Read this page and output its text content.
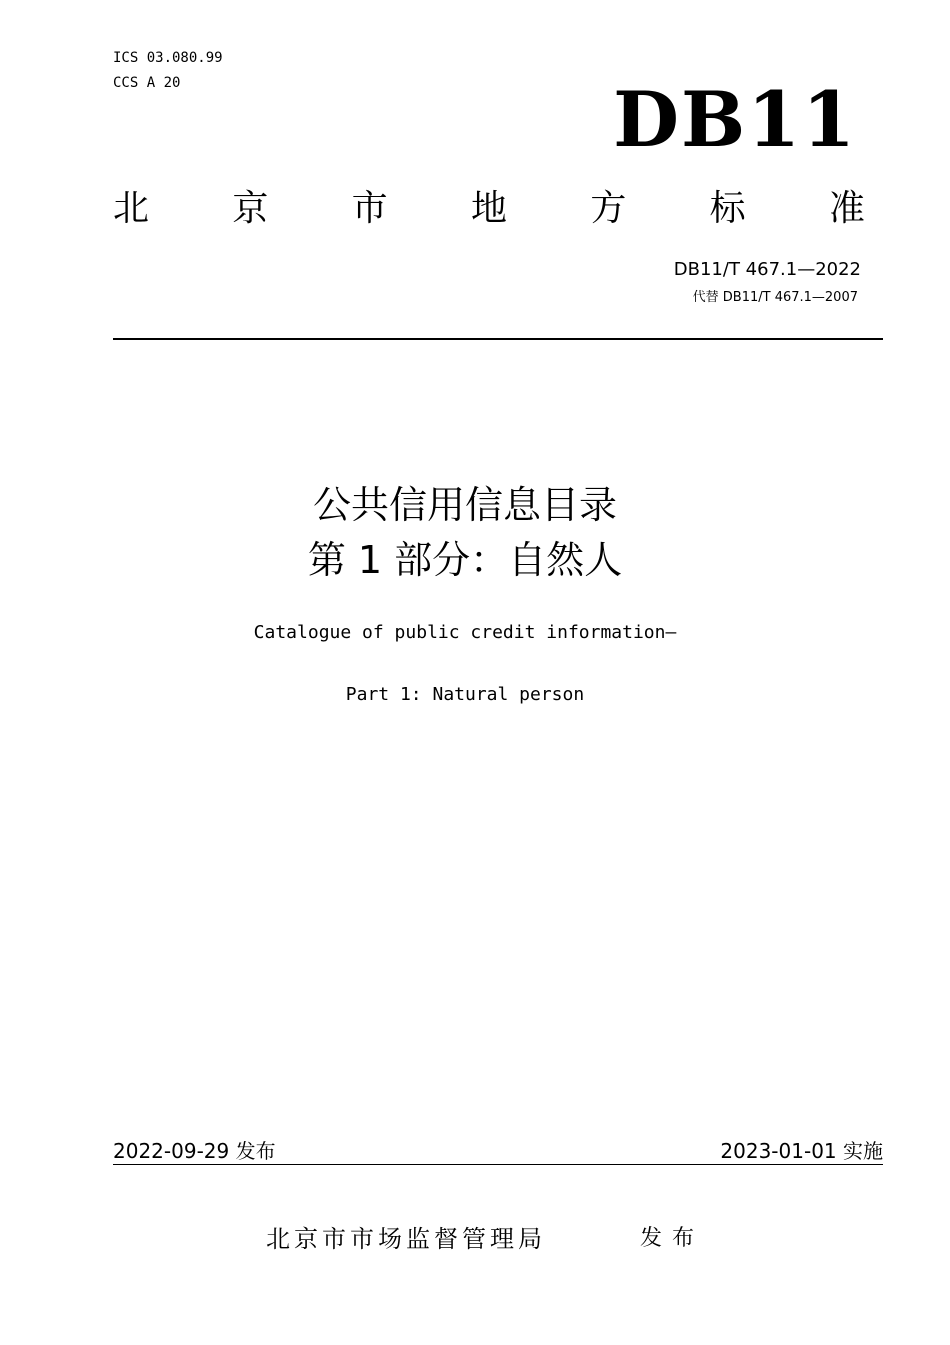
ICS 03.080.99
CCS A 20	DB11
北 京 市 地 方 标 准
DB11/T 467.1—2022
代替 DB11/T 467.1—2007
公共信用信息目录
第 1 部分：自然人
Catalogue of public credit information—
Part 1: Natural person
2022-09-29 发布	2023-01-01 实施
北京市市场监督管理局	发布
